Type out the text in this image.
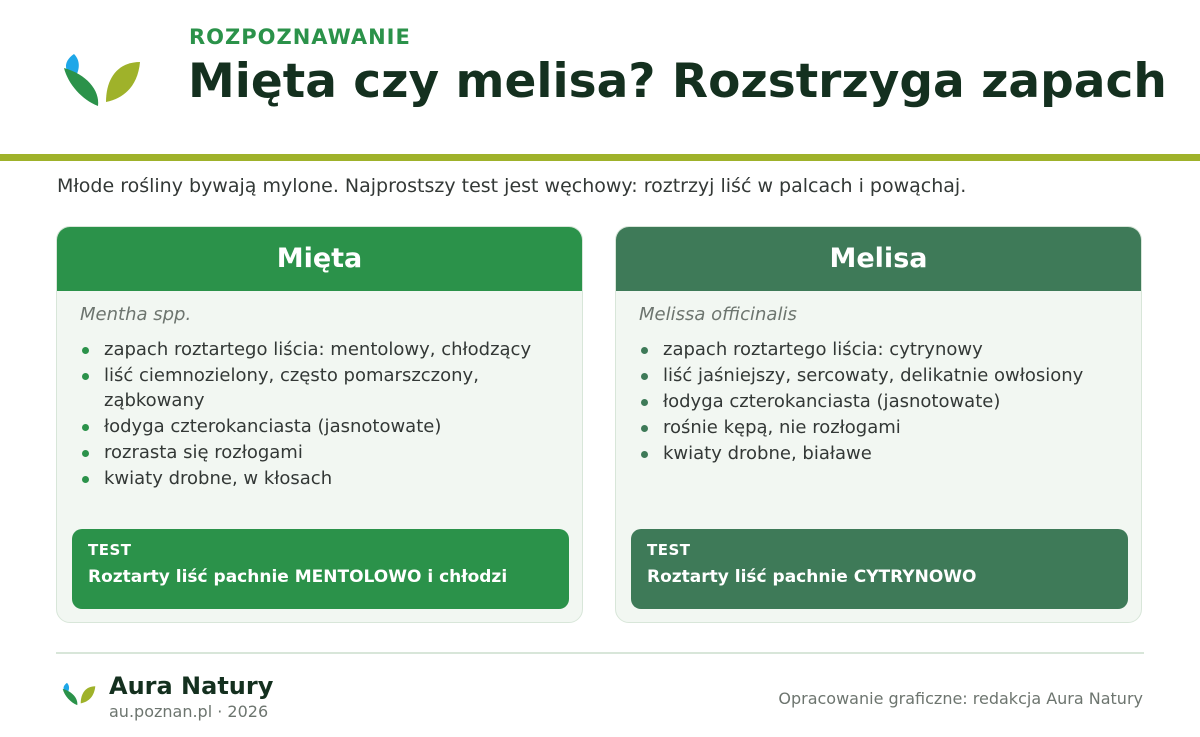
ROZPOZNAWANIE
Mięta czy melisa? Rozstrzyga zapach
Młode rośliny bywają mylone. Najprostszy test jest węchowy: roztrzyj liść w palcach i powąchaj.
Mięta
Mentha spp.
zapach roztartego liścia: mentolowy, chłodzący
liść ciemnozielony, często pomarszczony, ząbkowany
łodyga czterokanciasta (jasnotowate)
rozrasta się rozłogami
kwiaty drobne, w kłosach
TEST
Roztarty liść pachnie MENTOLOWO i chłodzi
Melisa
Melissa officinalis
zapach roztartego liścia: cytrynowy
liść jaśniejszy, sercowaty, delikatnie owłosiony
łodyga czterokanciasta (jasnotowate)
rośnie kępą, nie rozłogami
kwiaty drobne, białawe
TEST
Roztarty liść pachnie CYTRYNOWO
Aura Natury
au.poznan.pl · 2026
Opracowanie graficzne: redakcja Aura Natury
